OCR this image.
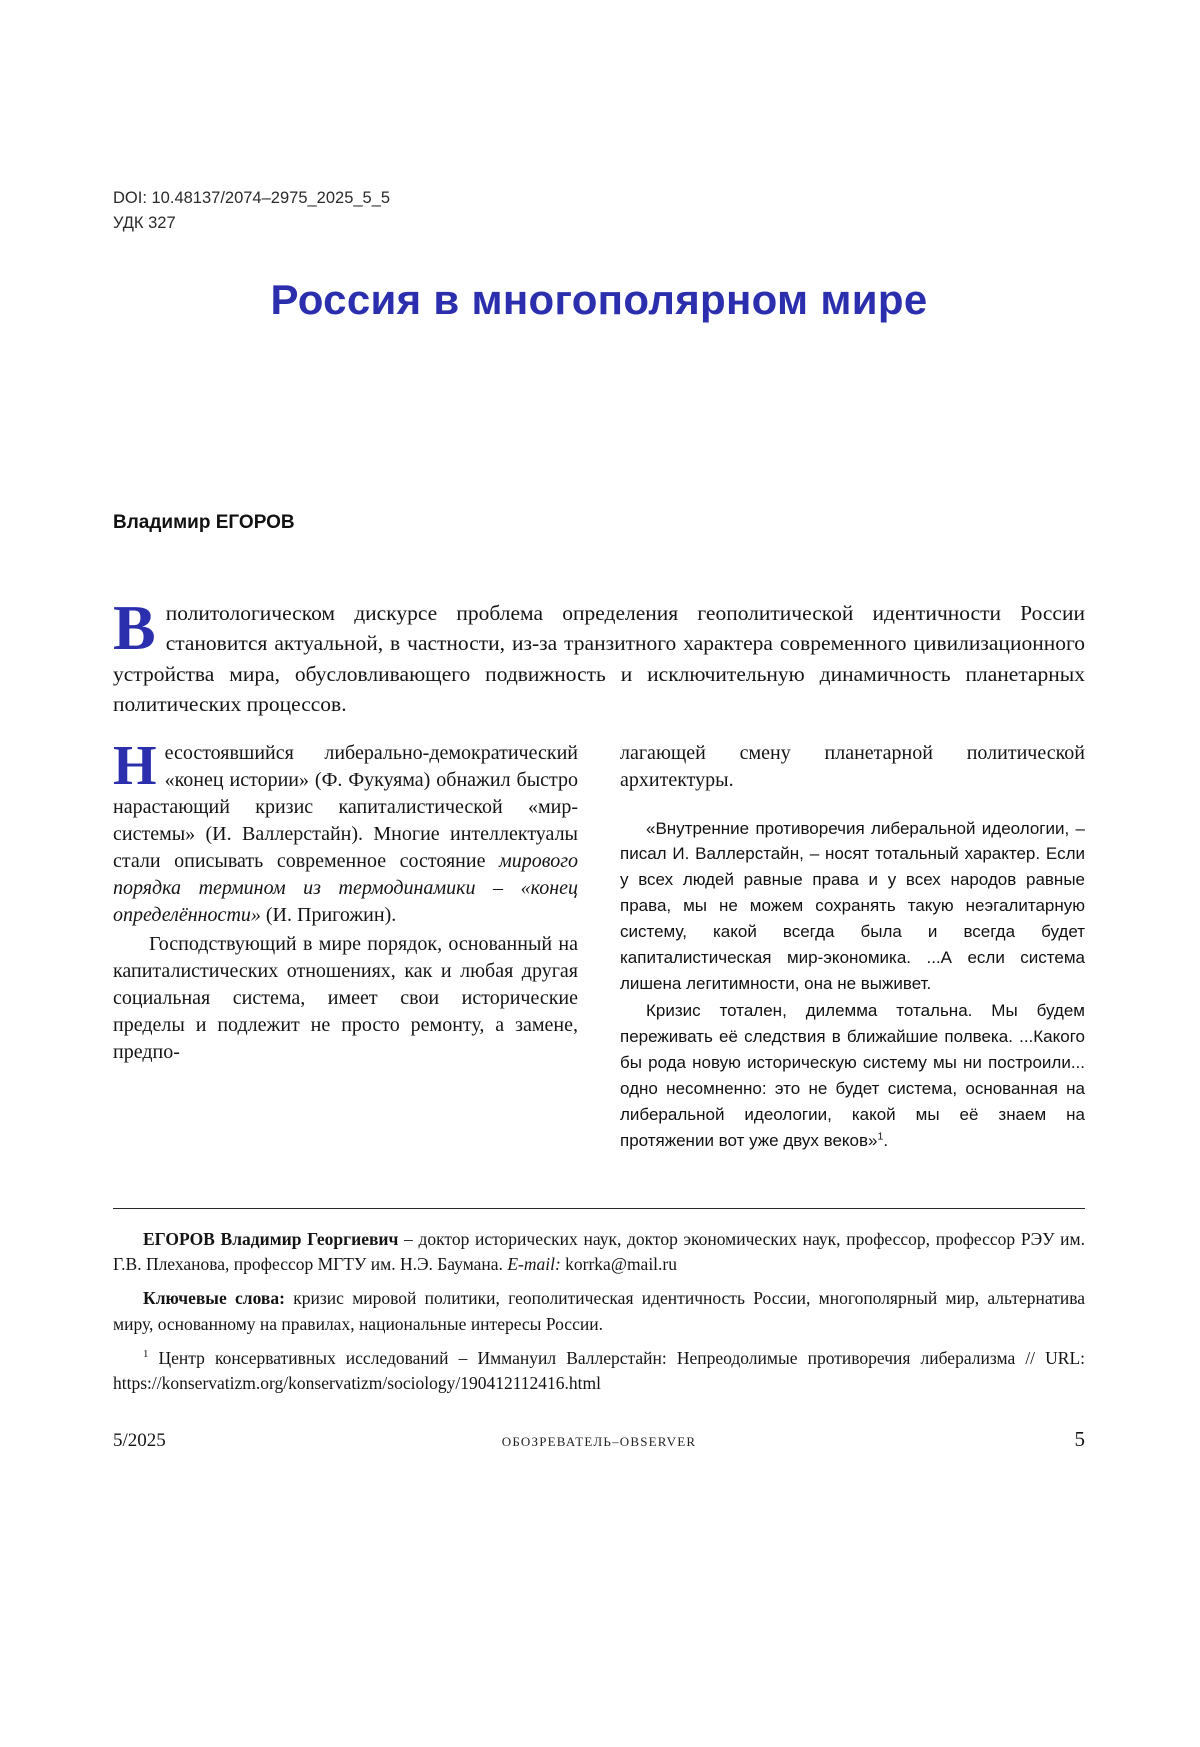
DOI: 10.48137/2074–2975_2025_5_5
УДК 327
Россия в многополярном мире
Владимир ЕГОРОВ
Вполитологическом дискурсе проблема определения геополитической идентичности России становится актуальной, в частности, из-за транзитного характера современного цивилизационного устройства мира, обусловливающего подвижность и исключительную динамичность планетарных политических процессов.

Несостоявшийся либерально-демократический «конец истории» (Ф. Фукуяма) обнажил быстро нарастающий кризис капиталистической «мир-системы» (И. Валлерстайн). Многие интеллектуалы стали описывать современное состояние мирового порядка термином из термодинамики – «конец определённости» (И. Пригожин).

Господствующий в мире порядок, основанный на капиталистических отношениях, как и любая другая социальная система, имеет свои исторические пределы и подлежит не просто ремонту, а замене, предпо-

лагающей смену планетарной политической архитектуры.

«Внутренние противоречия либеральной идеологии, – писал И. Валлерстайн, – носят тотальный характер. Если у всех людей равные права и у всех народов равные права, мы не можем сохранять такую неэгалитарную систему, какой всегда была и всегда будет капиталистическая мир-экономика. ...А если система лишена легитимности, она не выживет.

Кризис тотален, дилемма тотальна. Мы будем переживать её следствия в ближайшие полвека. ...Какого бы рода новую историческую систему мы ни построили... одно несомненно: это не будет система, основанная на либеральной идеологии, какой мы её знаем на протяжении вот уже двух веков»$^1$.

ЕГОРОВ Владимир Георгиевич – доктор исторических наук, доктор экономических наук, профессор, профессор РЭУ им. Г.В. Плеханова, профессор МГТУ им. Н.Э. Баумана. E-mail: korrka@mail.ru

Ключевые слова: кризис мировой политики, геополитическая идентичность России, многополярный мир, альтернатива миру, основанному на правилах, национальные интересы России.

$^1$ Центр консервативных исследований – Иммануил Валлерстайн: Непреодолимые противоречия либерализма // URL: https://konservatizm.org/konservatizm/sociology/190412112416.html

5/2025	ОБОЗРЕВАТЕЛЬ–OBSERVER	5
